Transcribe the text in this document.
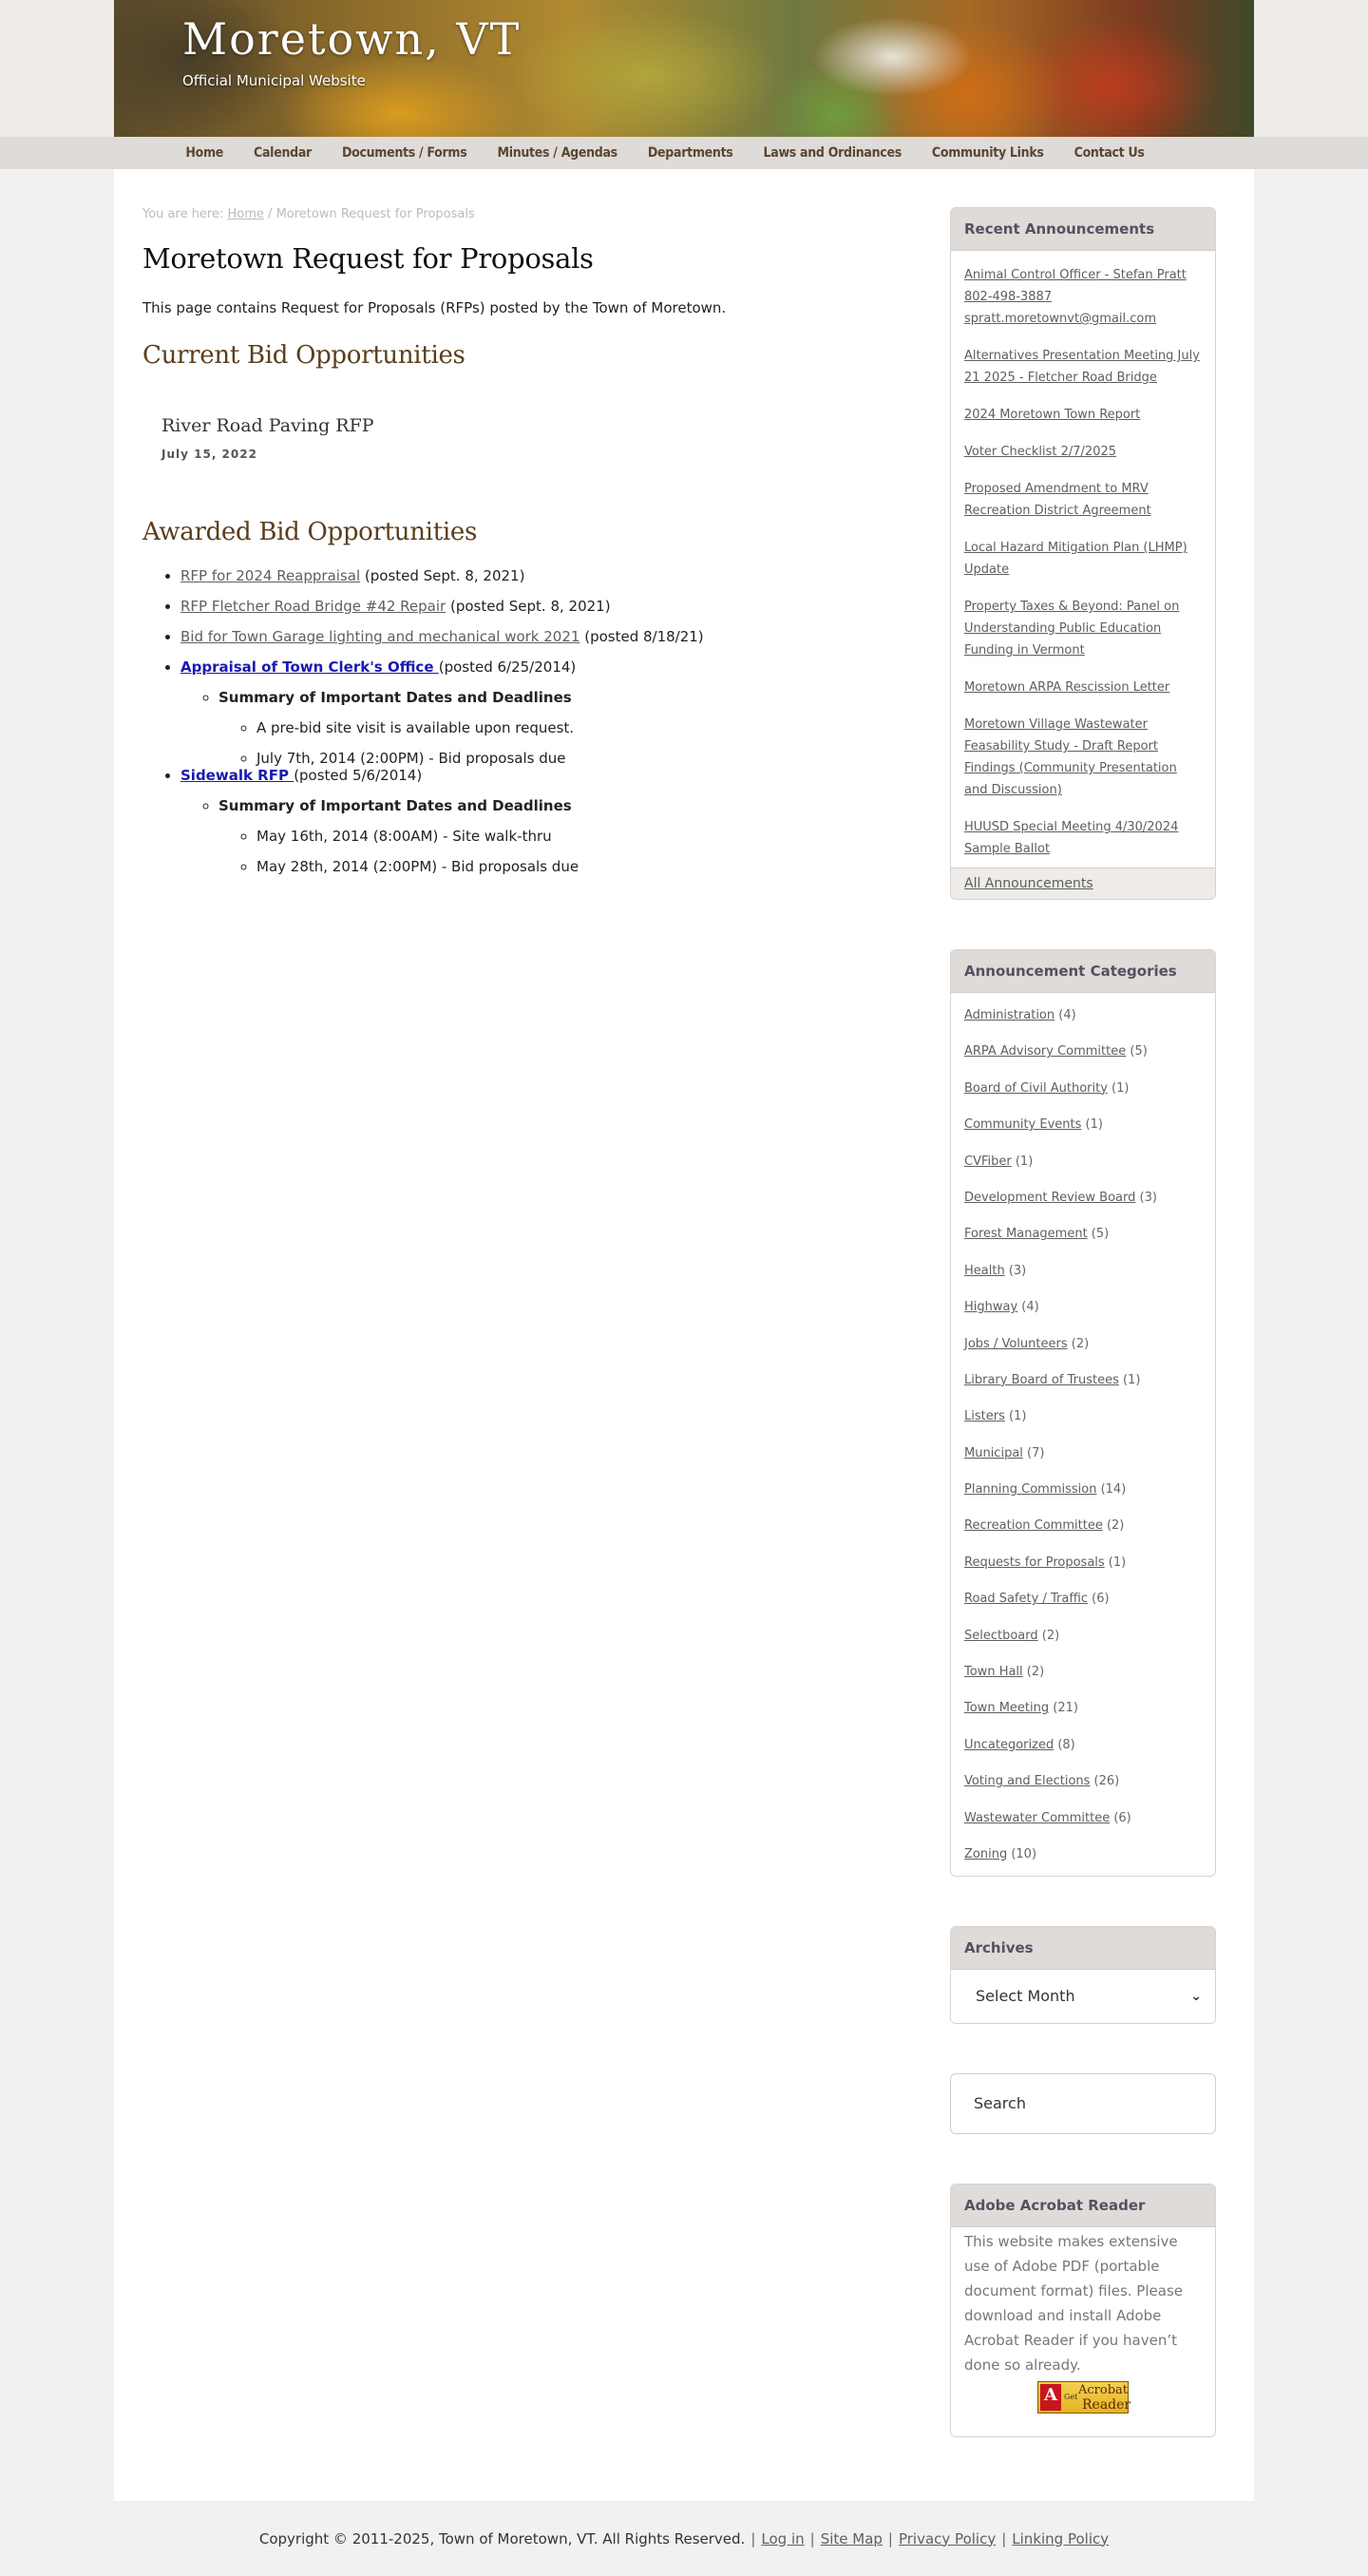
Moretown, VT
Official Municipal Website
Home	Calendar	Documents / Forms	Minutes / Agendas	Departments	Laws and Ordinances	Community Links	Contact Us
You are here: Home / Moretown Request for Proposals
Moretown Request for Proposals

This page contains Request for Proposals (RFPs) posted by the Town of Moretown.

Current Bid Opportunities
River Road Paving RFP
July 15, 2022
Awarded Bid Opportunities
• RFP for 2024 Reappraisal (posted Sept. 8, 2021)
• RFP Fletcher Road Bridge #42 Repair (posted Sept. 8, 2021)
• Bid for Town Garage lighting and mechanical work 2021 (posted 8/18/21)
• Appraisal of Town Clerk's Office (posted 6/25/2014)
◦ Summary of Important Dates and Deadlines
◦ A pre-bid site visit is available upon request.
◦ July 7th, 2014 (2:00PM) - Bid proposals due
• Sidewalk RFP (posted 5/6/2014)
◦ Summary of Important Dates and Deadlines
◦ May 16th, 2014 (8:00AM) - Site walk-thru
◦ May 28th, 2014 (2:00PM) - Bid proposals due
Recent Announcements
Animal Control Officer - Stefan Pratt 802-498-3887 spratt.moretownvt@gmail.com
Alternatives Presentation Meeting July 21 2025 - Fletcher Road Bridge
2024 Moretown Town Report
Voter Checklist 2/7/2025
Proposed Amendment to MRV Recreation District Agreement
Local Hazard Mitigation Plan (LHMP) Update
Property Taxes & Beyond: Panel on Understanding Public Education Funding in Vermont
Moretown ARPA Rescission Letter
Moretown Village Wastewater Feasability Study - Draft Report Findings (Community Presentation and Discussion)
HUUSD Special Meeting 4/30/2024 Sample Ballot
All Announcements
Announcement Categories
Administration (4)
ARPA Advisory Committee (5)
Board of Civil Authority (1)
Community Events (1)
CVFiber (1)
Development Review Board (3)
Forest Management (5)
Health (3)
Highway (4)
Jobs / Volunteers (2)
Library Board of Trustees (1)
Listers (1)
Municipal (7)
Planning Commission (14)
Recreation Committee (2)
Requests for Proposals (1)
Road Safety / Traffic (6)
Selectboard (2)
Town Hall (2)
Town Meeting (21)
Uncategorized (8)
Voting and Elections (26)
Wastewater Committee (6)
Zoning (10)
Archives
Select Month	⌄
Search
Adobe Acrobat Reader
This website makes extensive use of Adobe PDF (portable document format) files. Please download and install Adobe Acrobat Reader if you haven’t done so already.
A Get Acrobat
Reader
Copyright © 2011-2025, Town of Moretown, VT. All Rights Reserved. | Log in | Site Map | Privacy Policy | Linking Policy
